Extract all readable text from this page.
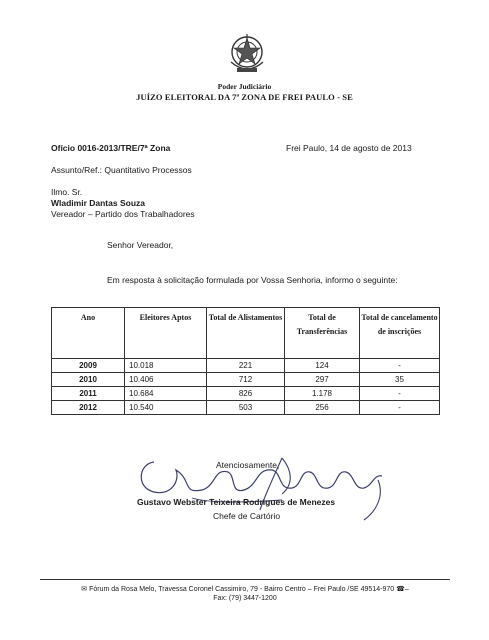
Poder Judiciário
JUÍZO ELEITORAL DA 7ª ZONA DE FREI PAULO - SE
Ofício 0016-2013/TRE/7ª Zona	Frei Paulo, 14 de agosto de 2013
Assunto/Ref.: Quantitativo Processos
Ilmo. Sr.
Wladimir Dantas Souza
Vereador – Partido dos Trabalhadores
Senhor Vereador,
Em resposta à solicitação formulada por Vossa Senhoria, informo o seguinte:
Ano	Eleitores Aptos	Total de Alistamentos	Total de Transferências	Total de cancelamento de inscrições
2009	10.018	221	124	-
2010	10.406	712	297	35
2011	10.684	826	1.178	-
2012	10.540	503	256	-
Atenciosamente,
Gustavo Webster Teixeira Rodrigues de Menezes
Chefe de Cartório
✉ Fórum da Rosa Melo, Travessa Coronel Cassimiro, 79 - Bairro Centro – Frei Paulo /SE 49514-970 ☎–
Fax: (79) 3447-1200
